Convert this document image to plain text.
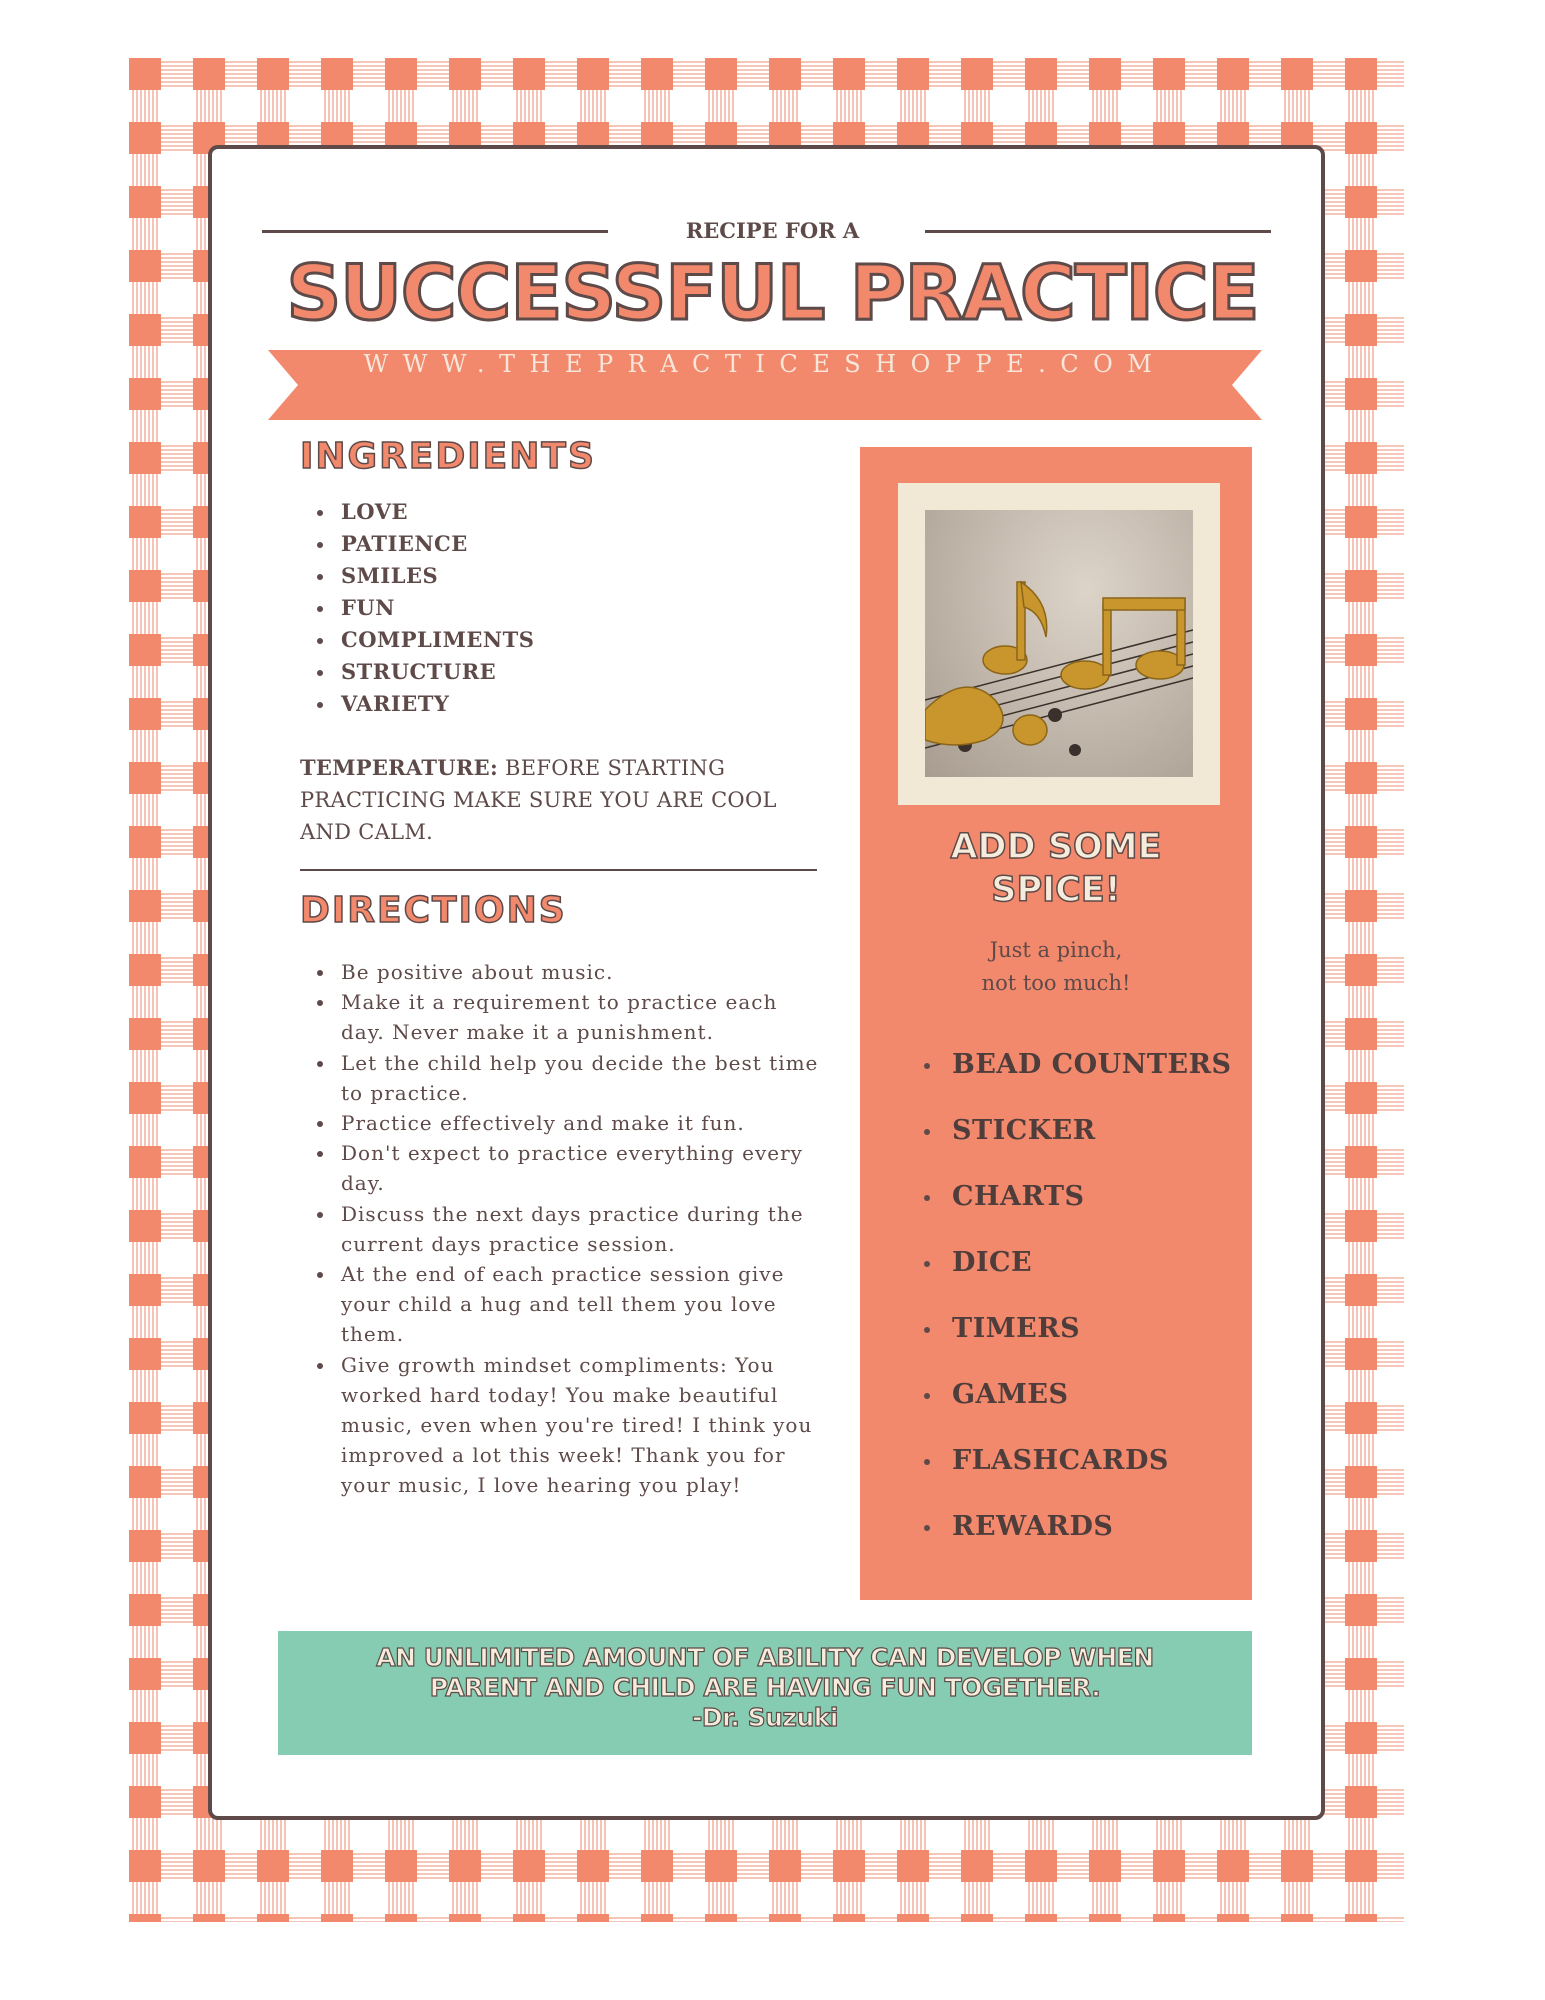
RECIPE FOR A
SUCCESSFUL PRACTICE
WWW.THEPRACTICESHOPPE.COM
INGREDIENTS
LOVE
PATIENCE
SMILES
FUN
COMPLIMENTS
STRUCTURE
VARIETY
TEMPERATURE: BEFORE STARTING PRACTICING MAKE SURE YOU ARE COOL AND CALM.
DIRECTIONS
Be positive about music.
Make it a requirement to practice each day. Never make it a punishment.
Let the child help you decide the best time to practice.
Practice effectively and make it fun.
Don't expect to practice everything every day.
Discuss the next days practice during the current days practice session.
At the end of each practice session give your child a hug and tell them you love them.
Give growth mindset compliments: You worked hard today! You make beautiful music, even when you're tired! I think you improved a lot this week! Thank you for your music, I love hearing you play!
ADD SOME SPICE!
Just a pinch,
not too much!
BEAD COUNTERS
STICKER
CHARTS
DICE
TIMERS
GAMES
FLASHCARDS
REWARDS
AN UNLIMITED AMOUNT OF ABILITY CAN DEVELOP WHEN
PARENT AND CHILD ARE HAVING FUN TOGETHER.
-Dr. Suzuki
